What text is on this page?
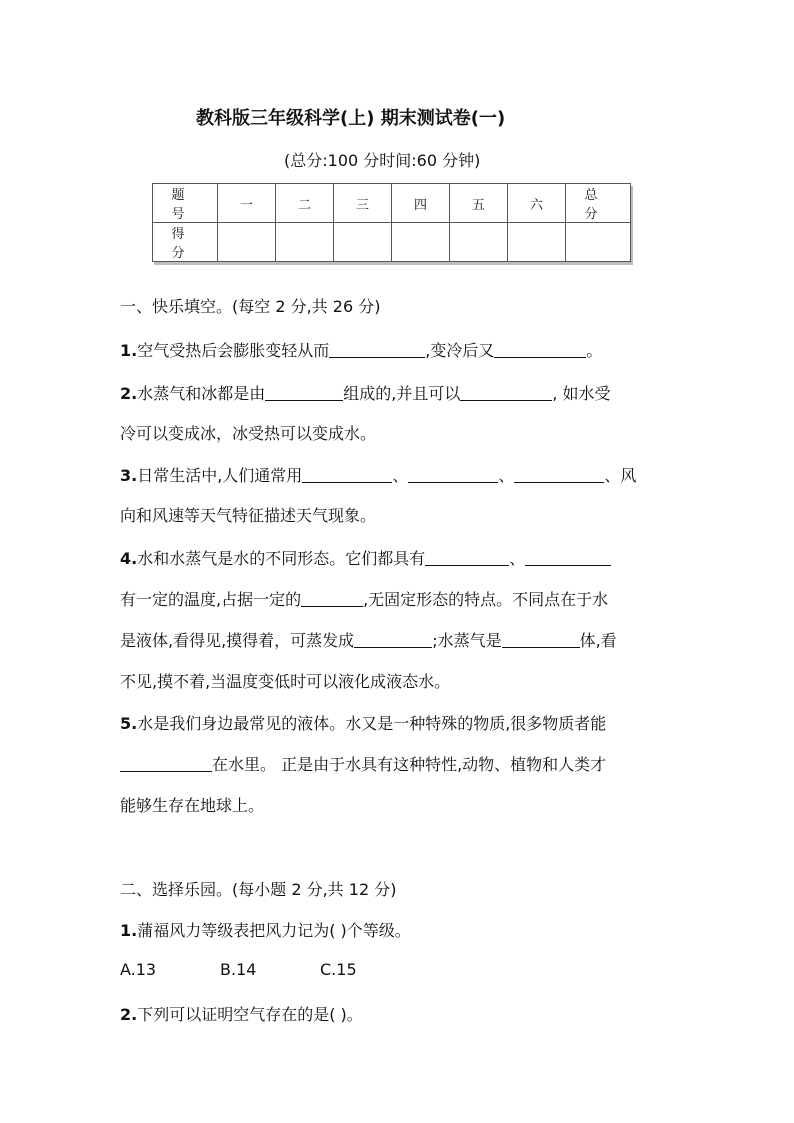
教科版三年级科学(上) 期末测试卷(一)
(总分:100 分时间:60 分钟)
题 号	一	二	三	四	五	六	总 分
得 分							
一、快乐填空。(每空 2 分,共 26 分)
1.空气受热后会膨胀变轻从而	,变冷后又	。
2.水蒸气和冰都是由	组成的,并且可以	, 如水受
冷可以变成冰，冰受热可以变成水。
3.日常生活中,人们通常用	、	、	、风
向和风速等天气特征描述天气现象。
4.水和水蒸气是水的不同形态。它们都具有	、
有一定的温度,占据一定的	,无固定形态的特点。不同点在于水
是液体,看得见,摸得着，可蒸发成	;水蒸气是	体,看
不见,摸不着,当温度变低时可以液化成液态水。
5.水是我们身边最常见的液体。水又是一种特殊的物质,很多物质者能
在水里。 正是由于水具有这种特性,动物、植物和人类才
能够生存在地球上。
二、选择乐园。(每小题 2 分,共 12 分)
1.蒲福风力等级表把风力记为( )个等级。
A.13	B.14	C.15
2.下列可以证明空气存在的是( )。
